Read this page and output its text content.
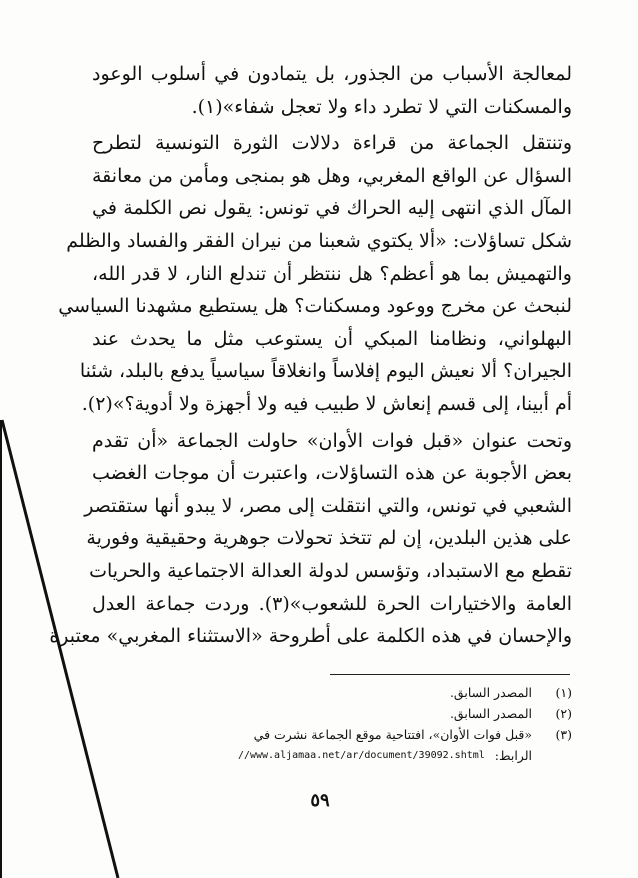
لمعالجة الأسباب من الجذور، بل يتمادون في أسلوب الوعود
والمسكنات التي لا تطرد داء ولا تعجل شفاء»(١).
وتنتقل الجماعة من قراءة دلالات الثورة التونسية لتطرح
السؤال عن الواقع المغربي، وهل هو بمنجى ومأمن من معانقة
المآل الذي انتهى إليه الحراك في تونس: يقول نص الكلمة في
شكل تساؤلات: «ألا يكتوي شعبنا من نيران الفقر والفساد والظلم
والتهميش بما هو أعظم؟ هل ننتظر أن تندلع النار، لا قدر الله،
لنبحث عن مخرج ووعود ومسكنات؟ هل يستطيع مشهدنا السياسي
البهلواني، ونظامنا المبكي أن يستوعب مثل ما يحدث عند
الجيران؟ ألا نعيش اليوم إفلاساً وانغلاقاً سياسياً يدفع بالبلد، شئنا
أم أبينا، إلى قسم إنعاش لا طبيب فيه ولا أجهزة ولا أدوية؟»(٢).
وتحت عنوان «قبل فوات الأوان» حاولت الجماعة «أن تقدم
بعض الأجوبة عن هذه التساؤلات، واعتبرت أن موجات الغضب
الشعبي في تونس، والتي انتقلت إلى مصر، لا يبدو أنها ستقتصر
على هذين البلدين، إن لم تتخذ تحولات جوهرية وحقيقية وفورية
تقطع مع الاستبداد، وتؤسس لدولة العدالة الاجتماعية والحريات
العامة والاختيارات الحرة للشعوب»(٣). وردت جماعة العدل
والإحسان في هذه الكلمة على أطروحة «الاستثناء المغربي» معتبرة
(١)
المصدر السابق.
(٢)
المصدر السابق.
(٣)
«قبل فوات الأوان»، افتتاحية موقع الجماعة نشرت في
الرابط:
//www.aljamaa.net/ar/document/39092.shtml
٥٩
